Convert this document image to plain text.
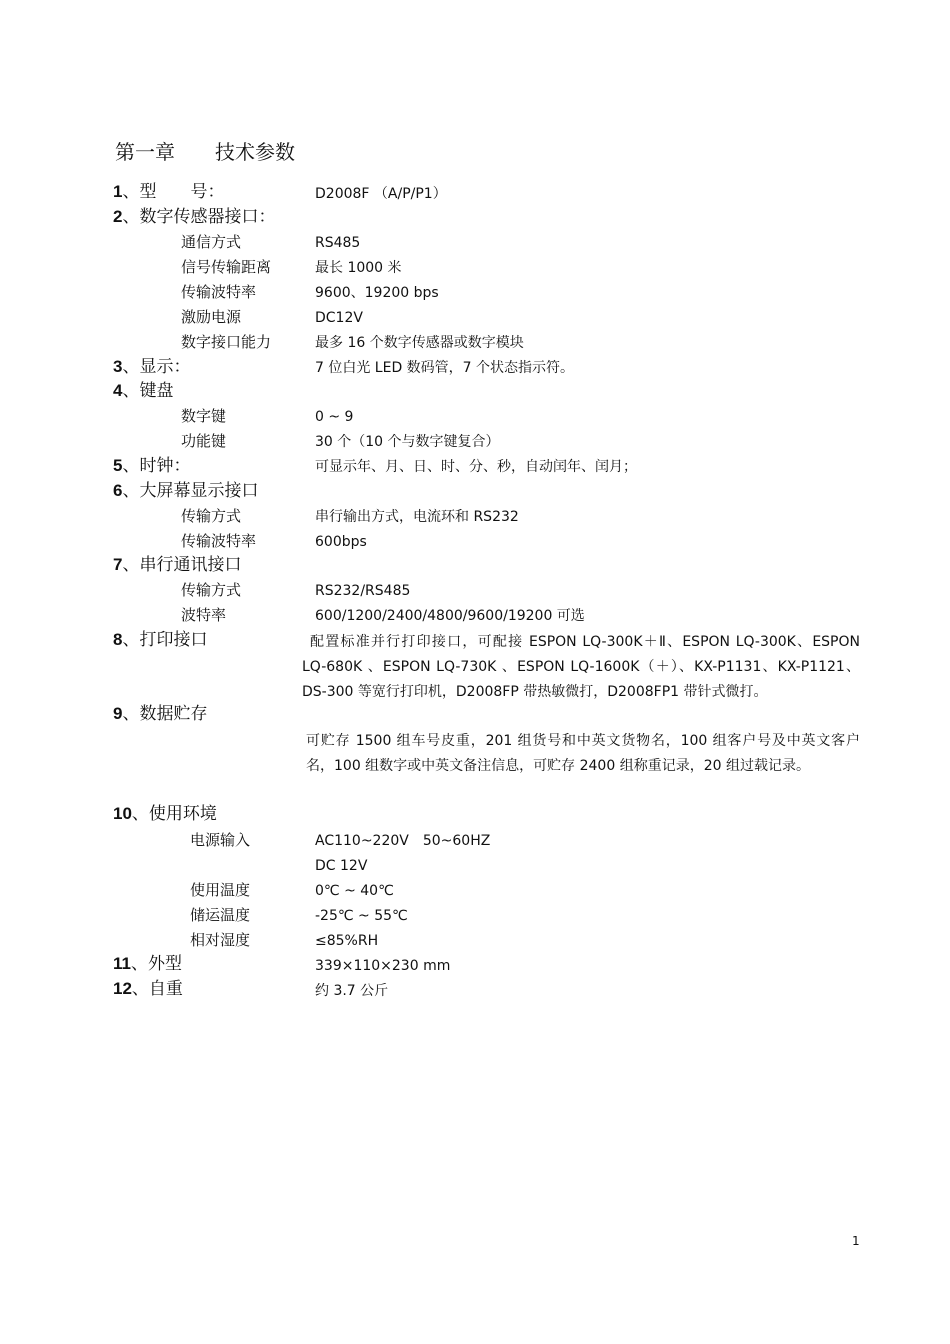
第一章 技术参数
1、型　　号：	D2008F （A/P/P1）
2、数字传感器接口：
通信方式	RS485
信号传输距离	最长 1000 米
传输波特率	9600、19200 bps
激励电源	DC12V
数字接口能力	最多 16 个数字传感器或数字模块
3、显示：	7 位白光 LED 数码管，7 个状态指示符。
4、键盘
数字键	0 ~ 9
功能键	30 个（10 个与数字键复合）
5、时钟：	可显示年、月、日、时、分、秒，自动闰年、闰月；
6、大屏幕显示接口
传输方式	串行输出方式，电流环和 RS232
传输波特率	600bps
7、串行通讯接口
传输方式	RS232/RS485
波特率	600/1200/2400/4800/9600/19200 可选
8、打印接口	配置标准并行打印接口，可配接 ESPON LQ-300K＋Ⅱ、ESPON LQ-300K、ESPON LQ-680K 、ESPON LQ-730K 、ESPON LQ-1600K（＋）、KX-P1131、KX-P1121、DS-300 等宽行打印机，D2008FP 带热敏微打，D2008FP1 带针式微打。
9、数据贮存
可贮存 1500 组车号皮重，201 组货号和中英文货物名，100 组客户号及中英文客户名，100 组数字或中英文备注信息，可贮存 2400 组称重记录，20 组过载记录。
10、使用环境
电源输入	AC110~220V　50~60HZ
DC 12V
使用温度	0℃ ~ 40℃
储运温度	-25℃ ~ 55℃
相对湿度	≤85%RH
11、外型	339×110×230 mm
12、自重	约 3.7 公斤
1
